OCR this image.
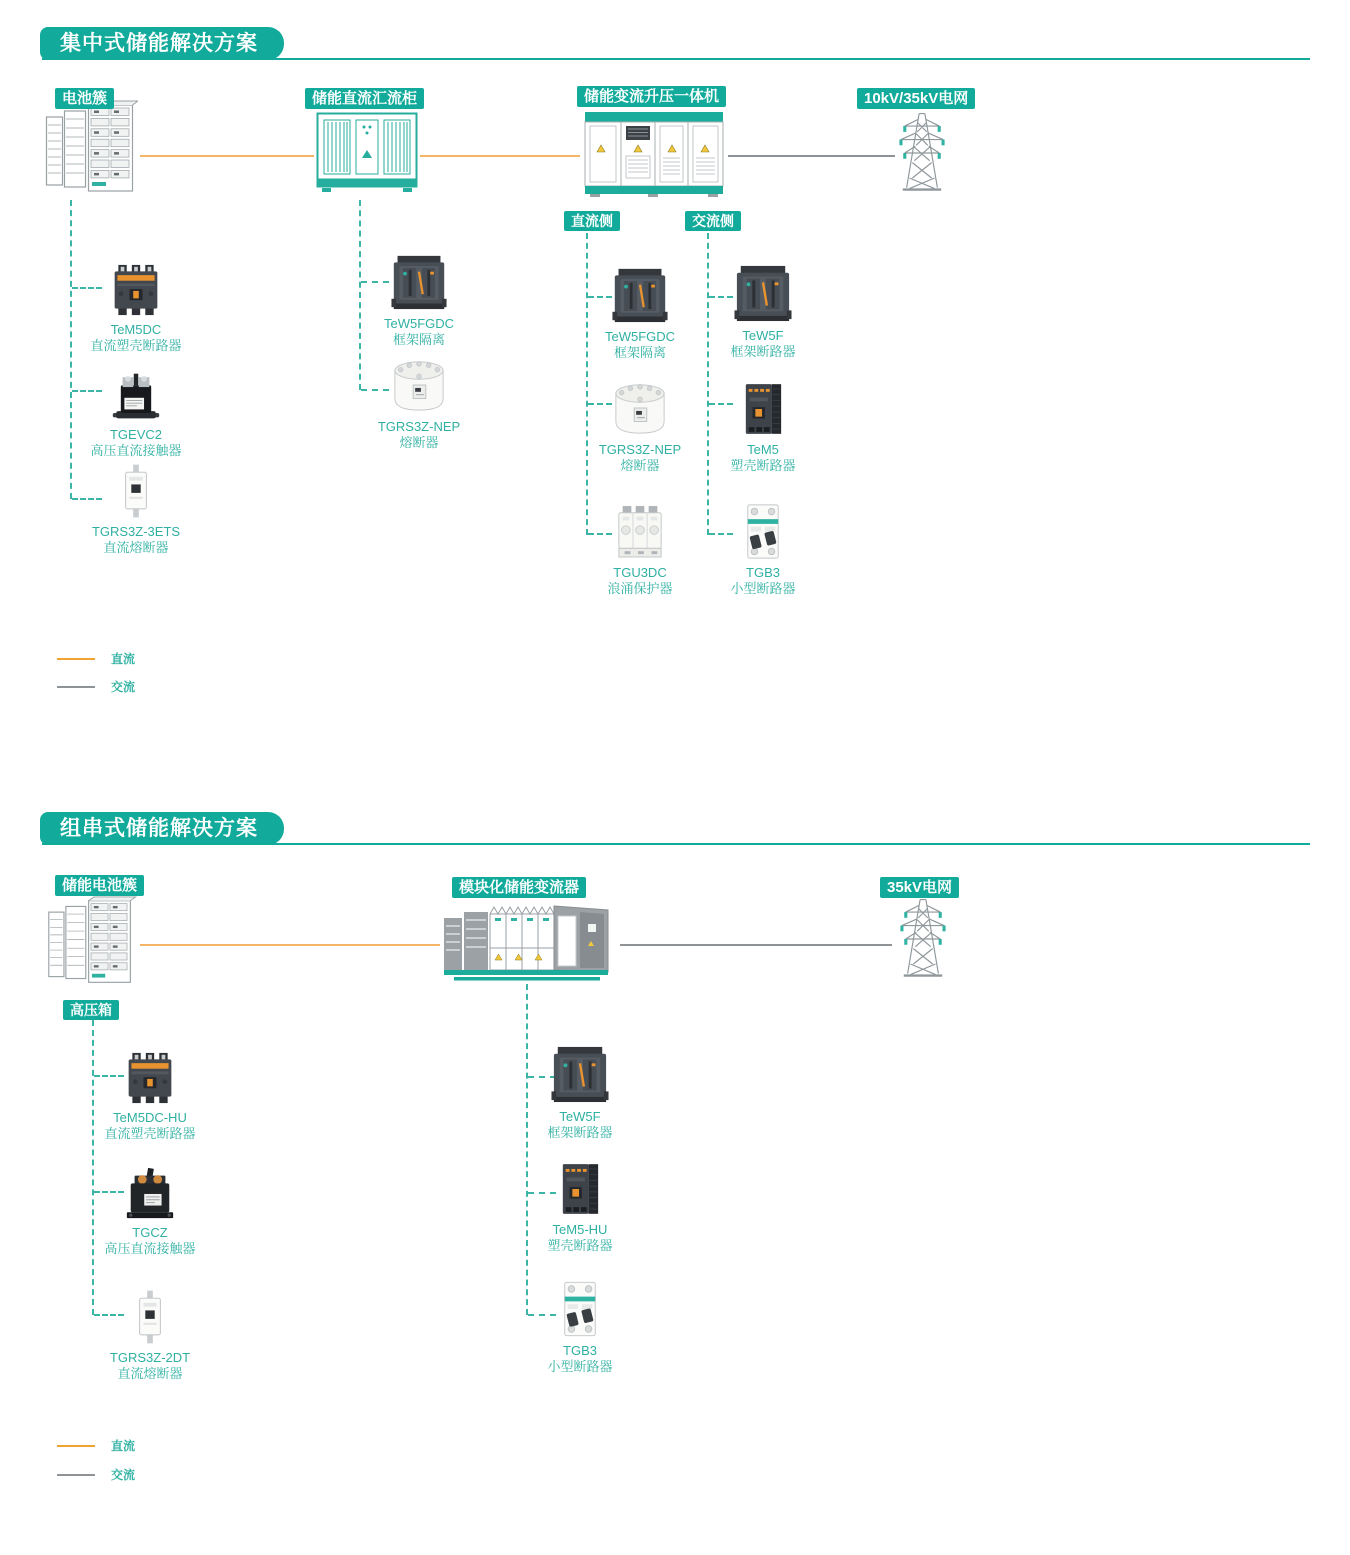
集中式储能解决方案
电池簇	储能直流汇流柜	储能变流升压一体机	10kV/35kV电网
TeM5DC
直流塑壳断路器
TGEVC2
高压直流接触器
TGRS3Z-3ETS
直流熔断器
TeW5FGDC
框架隔离
TGRS3Z-NEP
熔断器
直流侧	交流侧
TeW5FGDC
框架隔离
TGRS3Z-NEP
熔断器
TGU3DC
浪涌保护器
TeW5F
框架断路器
TeM5
塑壳断路器
TGB3
小型断路器
直流
交流
组串式储能解决方案
储能电池簇	模块化储能变流器	35kV电网
高压箱
TeM5DC-HU
直流塑壳断路器
TGCZ
高压直流接触器
TGRS3Z-2DT
直流熔断器
TeW5F
框架断路器
TeM5-HU
塑壳断路器
TGB3
小型断路器
直流
交流
